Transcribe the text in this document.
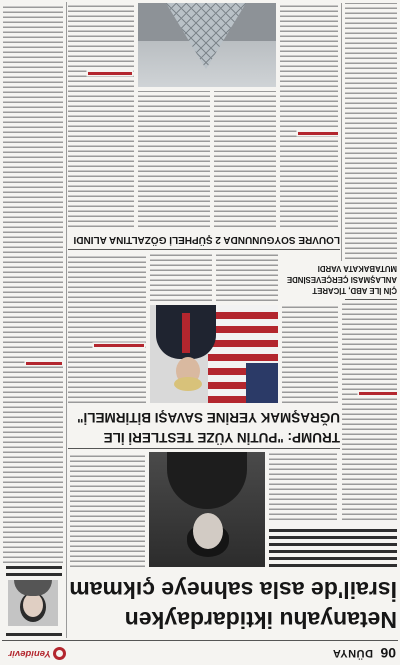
06
DÜNYA
Yenidevir
Netanyahu iktidardayken
İsrail'de asla sahneye çıkmam
TRUMP: "PUTİN YÜZE TESTLERİ İLE
UĞRAŞMAK YERİNE SAVAŞI BİTİRMELİ"
ÇİN İLE ABD, TİCARET
ANLAŞMASI ÇERÇEVESİNDE
MUTABAKATA VARDI
LOUVRE SOYGUNUNDA 2 ŞÜPHELİ GÖZALTINA ALINDI
